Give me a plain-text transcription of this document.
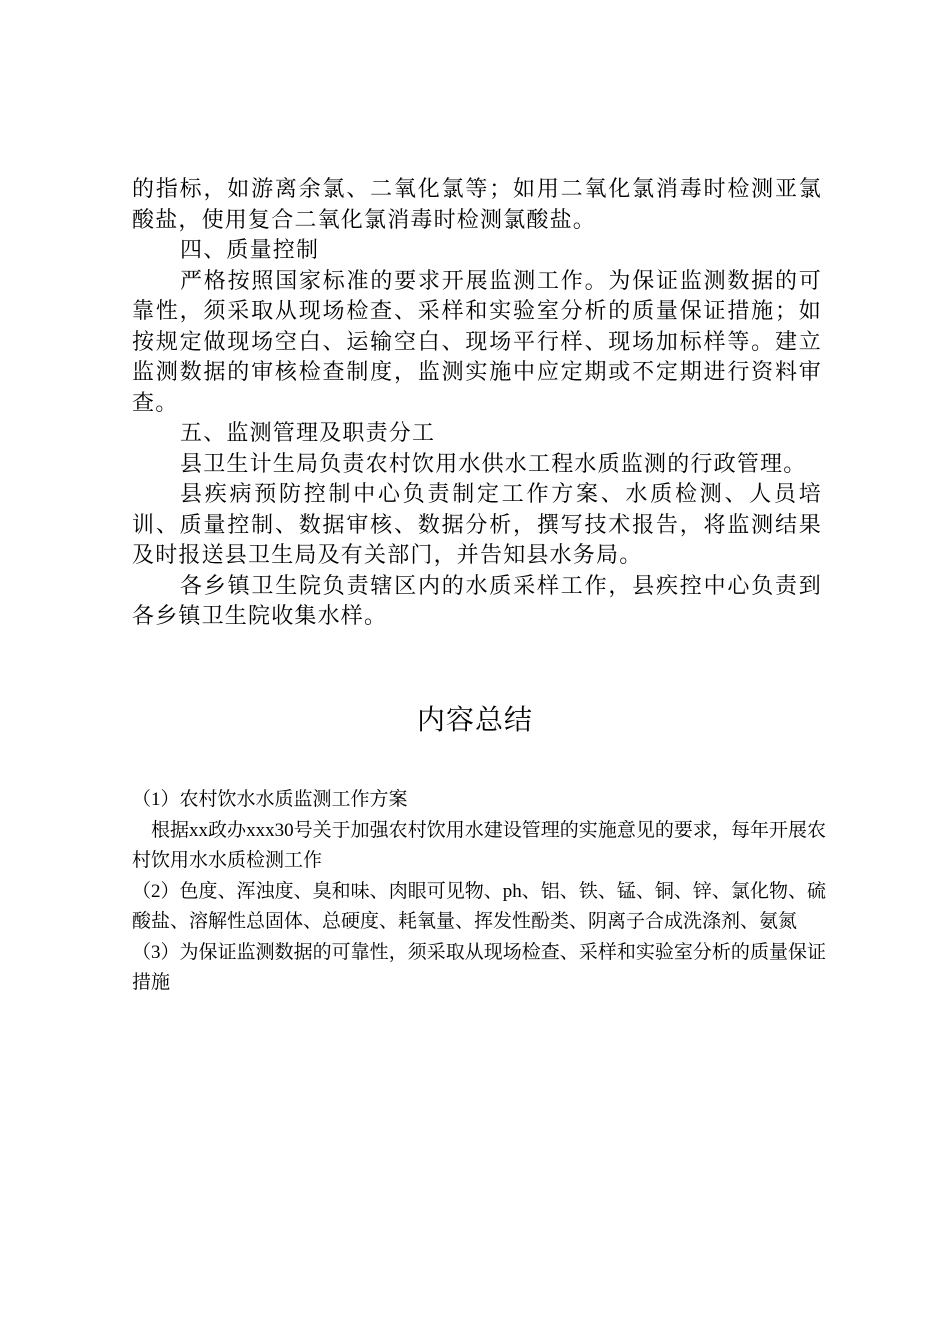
的指标，如游离余氯、二氧化氯等；如用二氧化氯消毒时检测亚氯酸盐，使用复合二氧化氯消毒时检测氯酸盐。

四、质量控制

严格按照国家标准的要求开展监测工作。为保证监测数据的可靠性，须采取从现场检查、采样和实验室分析的质量保证措施；如按规定做现场空白、运输空白、现场平行样、现场加标样等。建立监测数据的审核检查制度，监测实施中应定期或不定期进行资料审查。

五、监测管理及职责分工

县卫生计生局负责农村饮用水供水工程水质监测的行政管理。

县疾病预防控制中心负责制定工作方案、水质检测、人员培训、质量控制、数据审核、数据分析，撰写技术报告，将监测结果及时报送县卫生局及有关部门，并告知县水务局。

各乡镇卫生院负责辖区内的水质采样工作，县疾控中心负责到各乡镇卫生院收集水样。

内容总结

（1）农村饮水水质监测工作方案

根据xx政办xxx30号关于加强农村饮用水建设管理的实施意见的要求，每年开展农村饮用水水质检测工作

（2）色度、浑浊度、臭和味、肉眼可见物、ph、铝、铁、锰、铜、锌、氯化物、硫酸盐、溶解性总固体、总硬度、耗氧量、挥发性酚类、阴离子合成洗涤剂、氨氮

（3）为保证监测数据的可靠性，须采取从现场检查、采样和实验室分析的质量保证措施
